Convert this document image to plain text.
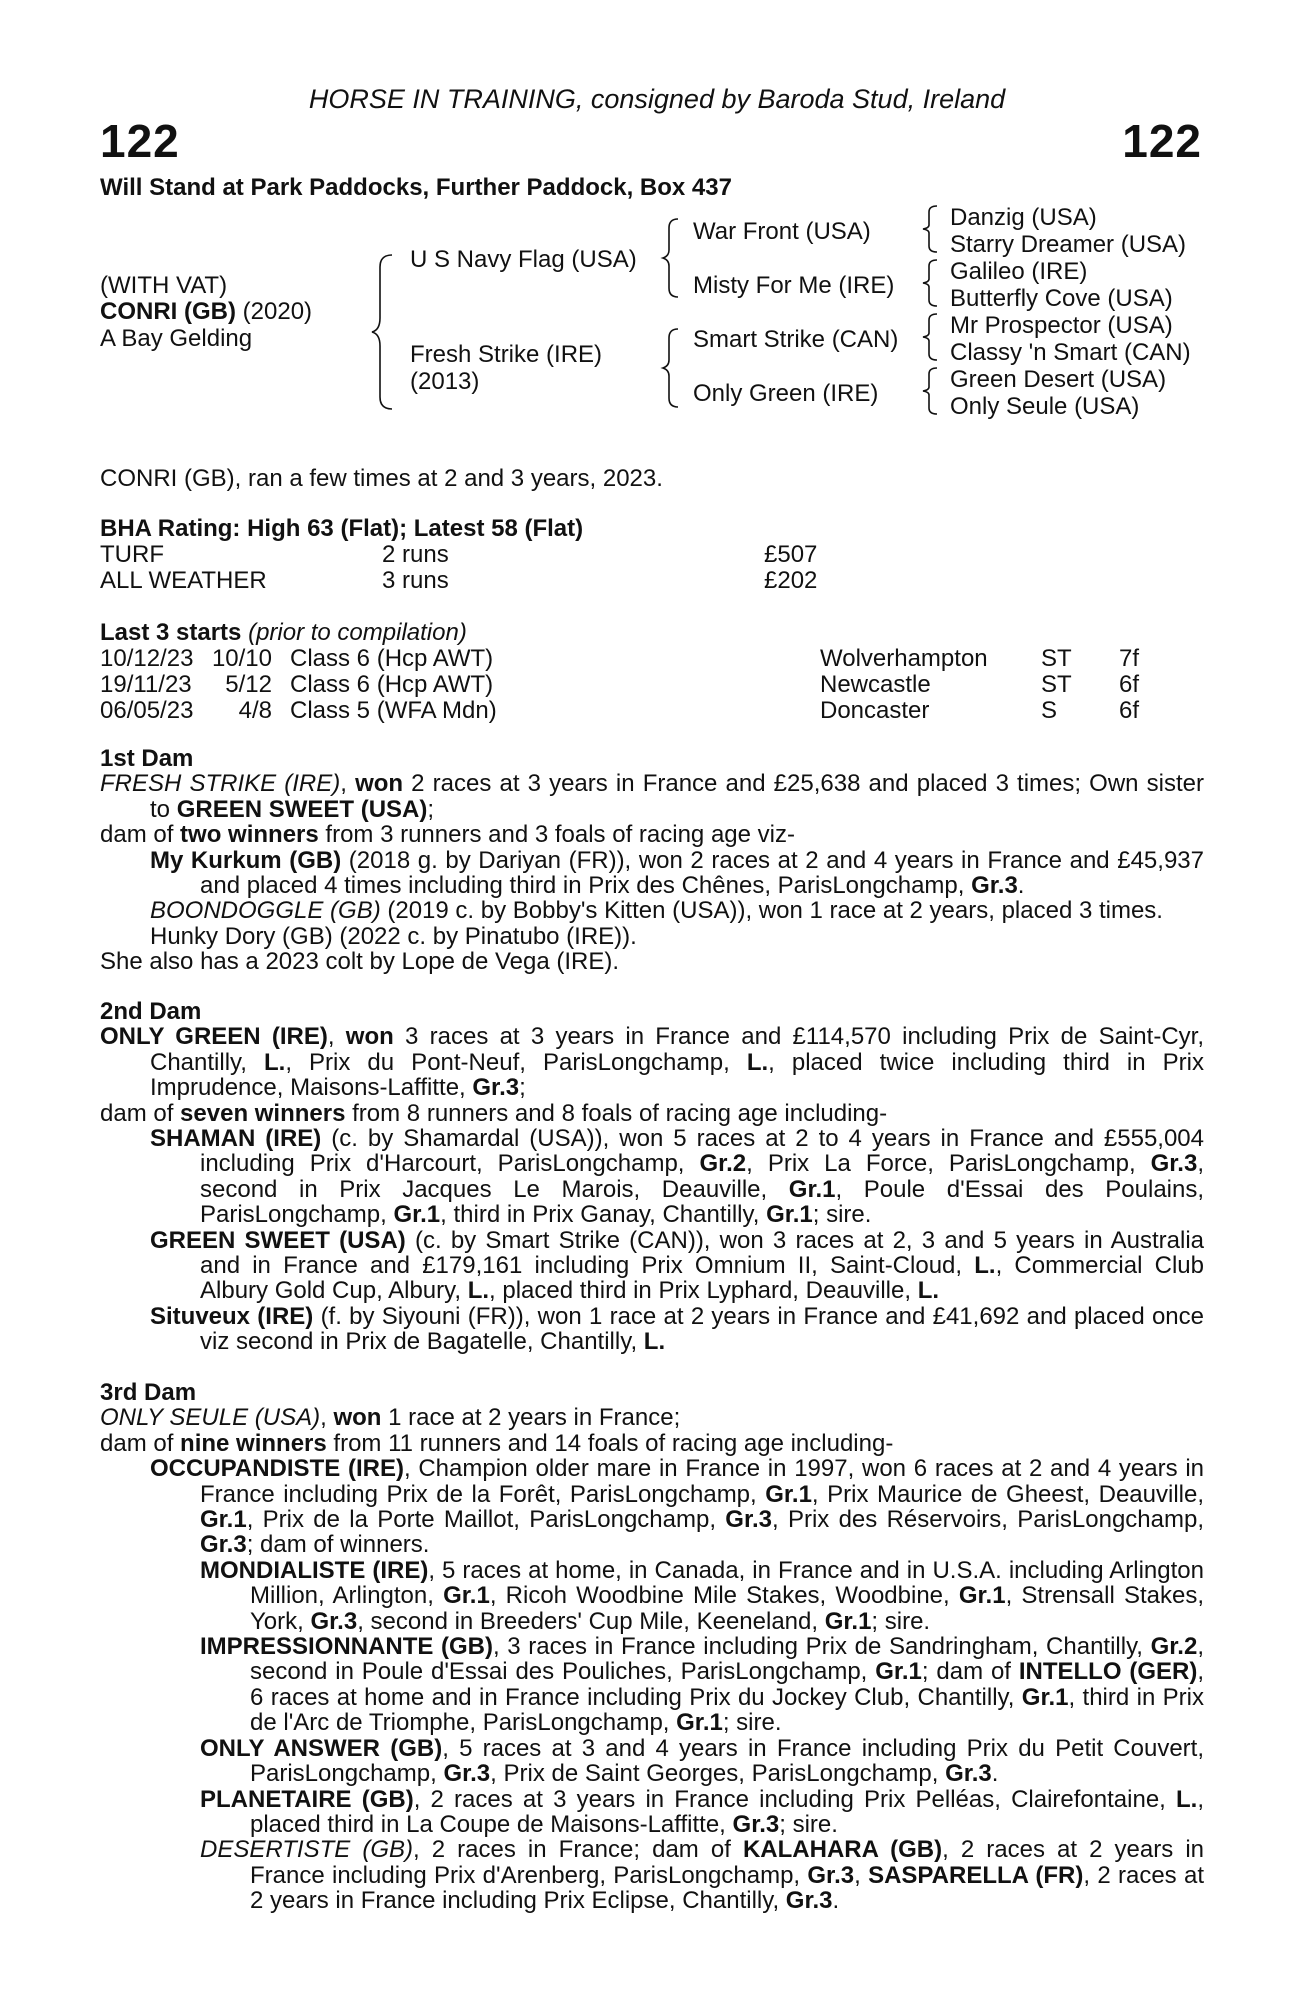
HORSE IN TRAINING, consigned by Baroda Stud, Ireland
122	122
Will Stand at Park Paddocks, Further Paddock, Box 437
(WITH VAT)
CONRI (GB) (2020)
A Bay Gelding
U S Navy Flag (USA)
Fresh Strike (IRE)
(2013)
War Front (USA)
Misty For Me (IRE)
Smart Strike (CAN)
Only Green (IRE)
Danzig (USA)
Starry Dreamer (USA)
Galileo (IRE)
Butterfly Cove (USA)
Mr Prospector (USA)
Classy 'n Smart (CAN)
Green Desert (USA)
Only Seule (USA)
CONRI (GB), ran a few times at 2 and 3 years, 2023.
BHA Rating: High 63 (Flat); Latest 58 (Flat)
TURF	2 runs	£507
ALL WEATHER	3 runs	£202
Last 3 starts (prior to compilation)
10/12/23 10/10 Class 6 (Hcp AWT)	Wolverhampton ST 7f
19/11/23 5/12 Class 6 (Hcp AWT)	Newcastle	ST 6f
06/05/23 4/8 Class 5 (WFA Mdn)	Doncaster	S	6f

1st Dam

FRESH STRIKE (IRE), won 2 races at 3 years in France and £25,638 and placed 3 times; Own sister to GREEN SWEET (USA);

dam of two winners from 3 runners and 3 foals of racing age viz-

My Kurkum (GB) (2018 g. by Dariyan (FR)), won 2 races at 2 and 4 years in France and £45,937 and placed 4 times including third in Prix des Chênes, ParisLongchamp, Gr.3.

BOONDOGGLE (GB) (2019 c. by Bobby's Kitten (USA)), won 1 race at 2 years, placed 3 times.

Hunky Dory (GB) (2022 c. by Pinatubo (IRE)).

She also has a 2023 colt by Lope de Vega (IRE).

2nd Dam

ONLY GREEN (IRE), won 3 races at 3 years in France and £114,570 including Prix de Saint-Cyr, Chantilly, L., Prix du Pont-Neuf, ParisLongchamp, L., placed twice including third in Prix Imprudence, Maisons-Laffitte, Gr.3;

dam of seven winners from 8 runners and 8 foals of racing age including-

SHAMAN (IRE) (c. by Shamardal (USA)), won 5 races at 2 to 4 years in France and £555,004 including Prix d'Harcourt, ParisLongchamp, Gr.2, Prix La Force, ParisLongchamp, Gr.3, second in Prix Jacques Le Marois, Deauville, Gr.1, Poule d'Essai des Poulains, ParisLongchamp, Gr.1, third in Prix Ganay, Chantilly, Gr.1; sire.

GREEN SWEET (USA) (c. by Smart Strike (CAN)), won 3 races at 2, 3 and 5 years in Australia and in France and £179,161 including Prix Omnium II, Saint-Cloud, L., Commercial Club Albury Gold Cup, Albury, L., placed third in Prix Lyphard, Deauville, L.

Situveux (IRE) (f. by Siyouni (FR)), won 1 race at 2 years in France and £41,692 and placed once viz second in Prix de Bagatelle, Chantilly, L.

3rd Dam

ONLY SEULE (USA), won 1 race at 2 years in France;

dam of nine winners from 11 runners and 14 foals of racing age including-

OCCUPANDISTE (IRE), Champion older mare in France in 1997, won 6 races at 2 and 4 years in France including Prix de la Forêt, ParisLongchamp, Gr.1, Prix Maurice de Gheest, Deauville, Gr.1, Prix de la Porte Maillot, ParisLongchamp, Gr.3, Prix des Réservoirs, ParisLongchamp, Gr.3; dam of winners.

MONDIALISTE (IRE), 5 races at home, in Canada, in France and in U.S.A. including Arlington Million, Arlington, Gr.1, Ricoh Woodbine Mile Stakes, Woodbine, Gr.1, Strensall Stakes, York, Gr.3, second in Breeders' Cup Mile, Keeneland, Gr.1; sire.

IMPRESSIONNANTE (GB), 3 races in France including Prix de Sandringham, Chantilly, Gr.2, second in Poule d'Essai des Pouliches, ParisLongchamp, Gr.1; dam of INTELLO (GER), 6 races at home and in France including Prix du Jockey Club, Chantilly, Gr.1, third in Prix de l'Arc de Triomphe, ParisLongchamp, Gr.1; sire.

ONLY ANSWER (GB), 5 races at 3 and 4 years in France including Prix du Petit Couvert, ParisLongchamp, Gr.3, Prix de Saint Georges, ParisLongchamp, Gr.3.

PLANETAIRE (GB), 2 races at 3 years in France including Prix Pelléas, Clairefontaine, L., placed third in La Coupe de Maisons-Laffitte, Gr.3; sire.

DESERTISTE (GB), 2 races in France; dam of KALAHARA (GB), 2 races at 2 years in France including Prix d'Arenberg, ParisLongchamp, Gr.3, SASPARELLA (FR), 2 races at 2 years in France including Prix Eclipse, Chantilly, Gr.3.
